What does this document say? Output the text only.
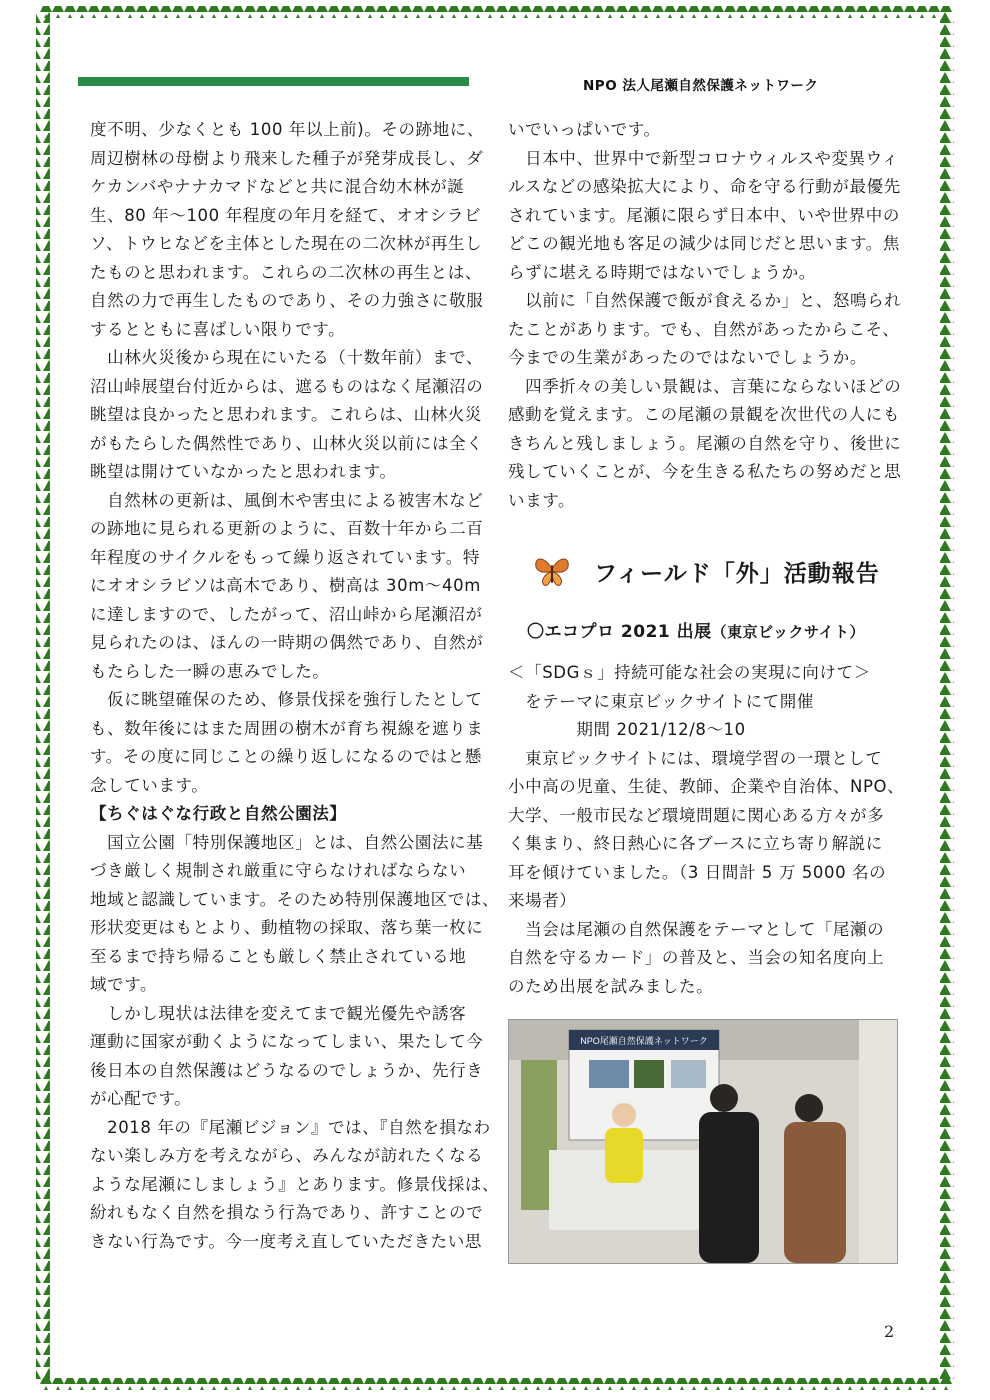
NPO 法人尾瀬自然保護ネットワーク

度不明、少なくとも 100 年以上前)。その跡地に、

周辺樹林の母樹より飛来した種子が発芽成長し、ダ

ケカンバやナナカマドなどと共に混合幼木林が誕

生、80 年〜100 年程度の年月を経て、オオシラビ

ソ、トウヒなどを主体とした現在の二次林が再生し

たものと思われます。これらの二次林の再生とは、

自然の力で再生したものであり、その力強さに敬服

するとともに喜ばしい限りです。

　山林火災後から現在にいたる（十数年前）まで、

沼山峠展望台付近からは、遮るものはなく尾瀬沼の

眺望は良かったと思われます。これらは、山林火災

がもたらした偶然性であり、山林火災以前には全く

眺望は開けていなかったと思われます。

　自然林の更新は、風倒木や害虫による被害木など

の跡地に見られる更新のように、百数十年から二百

年程度のサイクルをもって繰り返されています。特

にオオシラビソは高木であり、樹高は 30m〜40m

に達しますので、したがって、沼山峠から尾瀬沼が

見られたのは、ほんの一時期の偶然であり、自然が

もたらした一瞬の恵みでした。

　仮に眺望確保のため、修景伐採を強行したとして

も、数年後にはまた周囲の樹木が育ち視線を遮りま

す。その度に同じことの繰り返しになるのではと懸

念しています。

【ちぐはぐな行政と自然公園法】

　国立公園「特別保護地区」とは、自然公園法に基

づき厳しく規制され厳重に守らなければならない

地域と認識しています。そのため特別保護地区では、

形状変更はもとより、動植物の採取、落ち葉一枚に

至るまで持ち帰ることも厳しく禁止されている地

域です。

　しかし現状は法律を変えてまで観光優先や誘客

運動に国家が動くようになってしまい、果たして今

後日本の自然保護はどうなるのでしょうか、先行き

が心配です。

　2018 年の『尾瀬ビジョン』では、『自然を損なわ

ない楽しみ方を考えながら、みんなが訪れたくなる

ような尾瀬にしましょう』とあります。修景伐採は、

紛れもなく自然を損なう行為であり、許すことので

きない行為です。今一度考え直していただきたい思

いでいっぱいです。

　日本中、世界中で新型コロナウィルスや変異ウィ

ルスなどの感染拡大により、命を守る行動が最優先

されています。尾瀬に限らず日本中、いや世界中の

どこの観光地も客足の減少は同じだと思います。焦

らずに堪える時期ではないでしょうか。

　以前に「自然保護で飯が食えるか」と、怒鳴られ

たことがあります。でも、自然があったからこそ、

今までの生業があったのではないでしょうか。

　四季折々の美しい景観は、言葉にならないほどの

感動を覚えます。この尾瀬の景観を次世代の人にも

きちんと残しましょう。尾瀬の自然を守り、後世に

残していくことが、今を生きる私たちの努めだと思

います。

フィールド「外」活動報告
〇エコプロ 2021 出展（東京ビックサイト）

＜「SDGｓ」持続可能な社会の実現に向けて＞

　をテーマに東京ビックサイトにて開催

　　　　期間 2021/12/8〜10

　東京ビックサイトには、環境学習の一環として

小中高の児童、生徒、教師、企業や自治体、NPO、

大学、一般市民など環境問題に関心ある方々が多

く集まり、終日熱心に各ブースに立ち寄り解説に

耳を傾けていました。（3 日間計 5 万 5000 名の

来場者）

　当会は尾瀬の自然保護をテーマとして「尾瀬の

自然を守るカード」の普及と、当会の知名度向上

のため出展を試みました。

NPO尾瀬自然保護ネットワーク
2
